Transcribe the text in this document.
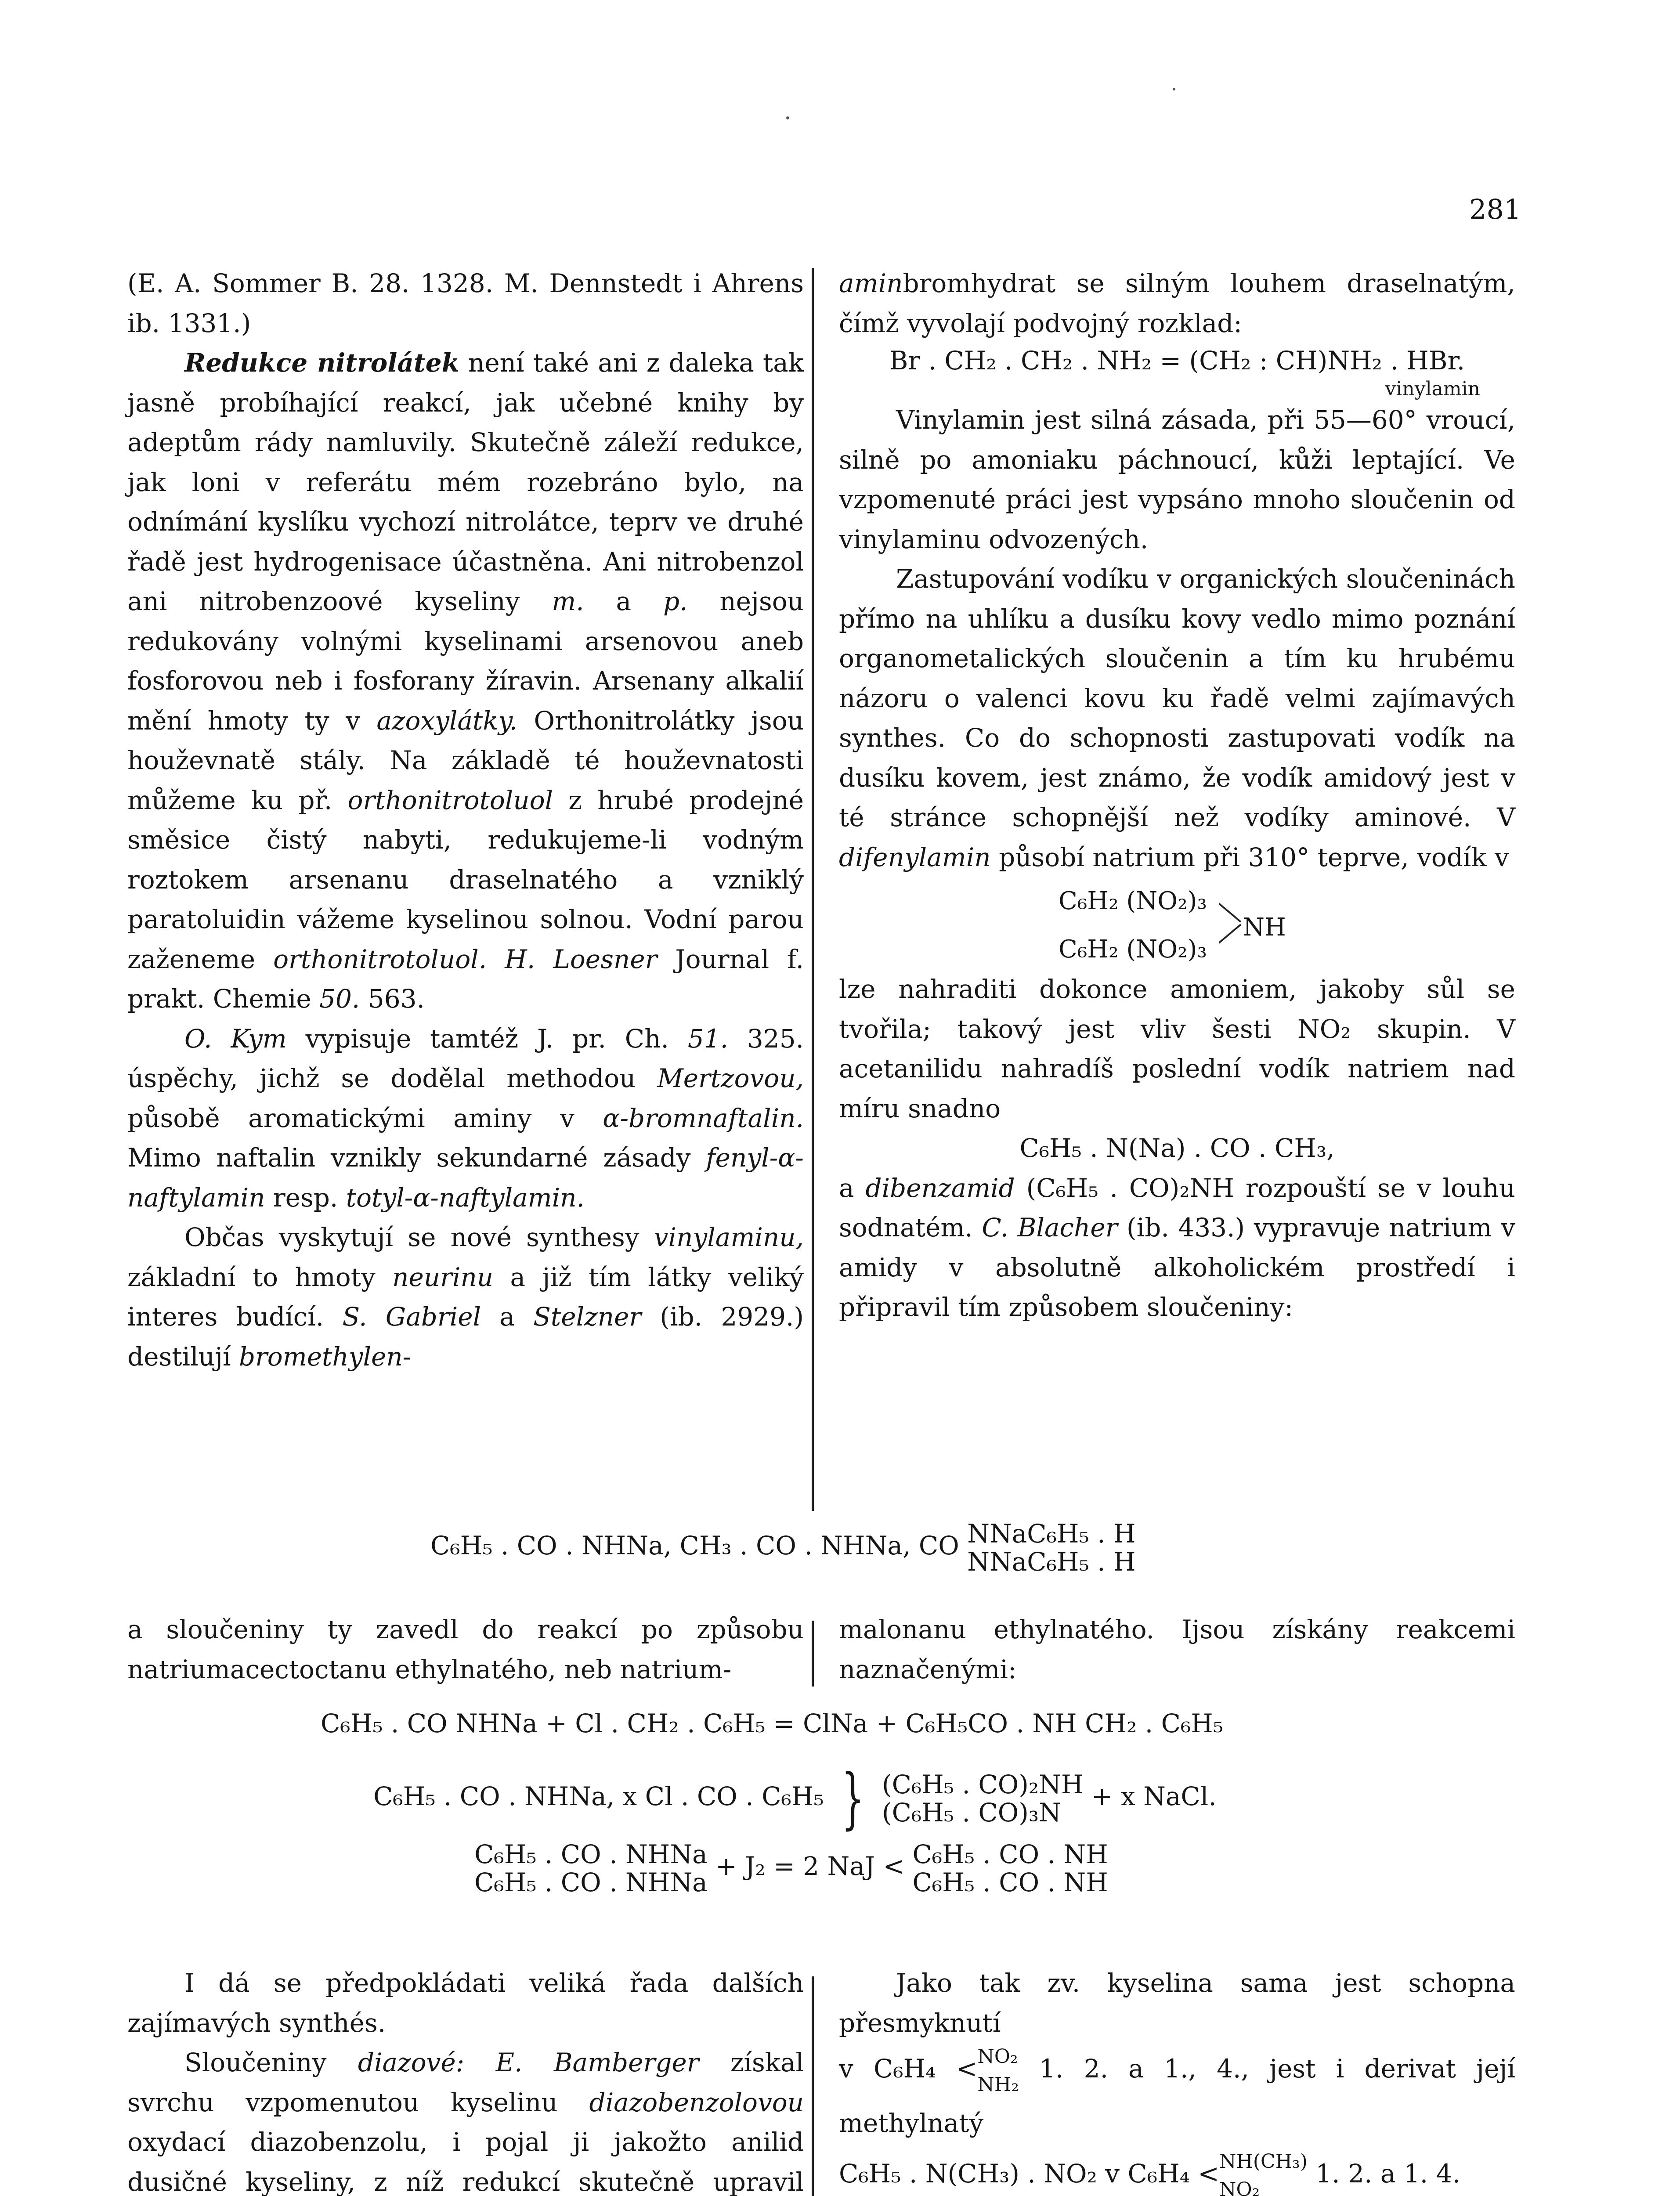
281

(E. A. Sommer B. 28. 1328. M. Dennstedt i Ahrens ib. 1331.)

Redukce nitrolátek není také ani z daleka tak jasně probíhající reakcí, jak učebné knihy by adeptům rády namluvily. Skutečně záleží redukce, jak loni v referátu mém rozebráno bylo, na odnímání kyslíku vychozí nitrolátce, teprv ve druhé řadě jest hydrogenisace účastněna. Ani nitrobenzol ani nitrobenzoové kyseliny m. a p. nejsou redukovány volnými kyselinami arsenovou aneb fosforovou neb i fosforany žíravin. Arsenany alkalií mění hmoty ty v azoxylátky. Orthonitrolátky jsou houževnatě stály. Na základě té houževnatosti můžeme ku př. orthonitrotoluol z hrubé prodejné směsice čistý nabyti, redukujeme-li vodným roztokem arsenanu draselnatého a vzniklý paratoluidin vážeme kyselinou solnou. Vodní parou zaženeme orthonitrotoluol. H. Loesner Journal f. prakt. Chemie 50. 563.

O. Kym vypisuje tamtéž J. pr. Ch. 51. 325. úspěchy, jichž se dodělal methodou Mertzovou, působě aromatickými aminy v α-bromnaftalin. Mimo naftalin vznikly sekundarné zásady fenyl-α-naftylamin resp. totyl-α-naftylamin.

Občas vyskytují se nové synthesy vinylaminu, základní to hmoty neurinu a již tím látky veliký interes budící. S. Gabriel a Stelzner (ib. 2929.) destilují bromethylen-

aminbromhydrat se silným louhem draselnatým, čímž vyvolají podvojný rozklad:

Br . CH₂ . CH₂ . NH₂ = (CH₂ : CH)NH₂ . HBr.

vinylamin

Vinylamin jest silná zásada, při 55—60° vroucí, silně po amoniaku páchnoucí, kůži leptající. Ve vzpomenuté práci jest vypsáno mnoho sloučenin od vinylaminu odvozených.

Zastupování vodíku v organických sloučeninách přímo na uhlíku a dusíku kovy vedlo mimo poznání organometalických sloučenin a tím ku hrubému názoru o valenci kovu ku řadě velmi zajímavých synthes. Co do schopnosti zastupovati vodík na dusíku kovem, jest známo, že vodík amidový jest v té stránce schopnější než vodíky aminové. V difenylamin působí natrium při 310° teprve, vodík v

C₆H₂ (NO₂)₃
NH
C₆H₂ (NO₂)₃

lze nahraditi dokonce amoniem, jakoby sůl se tvořila; takový jest vliv šesti NO₂ skupin. V acetanilidu nahradíš poslední vodík natriem nad míru snadno

C₆H₅ . N(Na) . CO . CH₃,

a dibenzamid (C₆H₅ . CO)₂NH rozpouští se v louhu sodnatém. C. Blacher (ib. 433.) vypravuje natrium v amidy v absolutně alkoholickém prostředí i připravil tím způsobem sloučeniny:

C₆H₅ . CO . NHNa, CH₃ . CO . NHNa, CO NNaC₆H₅ . H
NNaC₆H₅ . H

a sloučeniny ty zavedl do reakcí po způsobu natriumacectoctanu ethylnatého, neb natrium-

malonanu ethylnatého. Ijsou získány reakcemi naznačenými:

C₆H₅ . CO NHNa + Cl . CH₂ . C₆H₅ = ClNa + C₆H₅CO . NH CH₂ . C₆H₅
C₆H₅ . CO . NHNa, x Cl . CO . C₆H₅ } (C₆H₅ . CO)₂NH
(C₆H₅ . CO)₃N + x NaCl.
C₆H₅ . CO . NHNa
C₆H₅ . CO . NHNa + J₂ = 2 NaJ < C₆H₅ . CO . NH
C₆H₅ . CO . NH

I dá se předpokládati veliká řada dalších zajímavých synthés.

Sloučeniny diazové: E. Bamberger získal svrchu vzpomenutou kyselinu diazobenzolovou oxydací diazobenzolu, i pojal ji jakožto anilid dusičné kyseliny, z níž redukcí skutečně upravil

Jako tak zv. kyselina sama jest schopna přesmyknutí

v C₆H₄ <NO₂
NH₂ 1. 2. a 1., 4., jest i derivat její methylnatý

C₆H₅ . N(CH₃) . NO₂ v C₆H₄ <NH(CH₃)
NO₂ 1. 2. a 1. 4.
